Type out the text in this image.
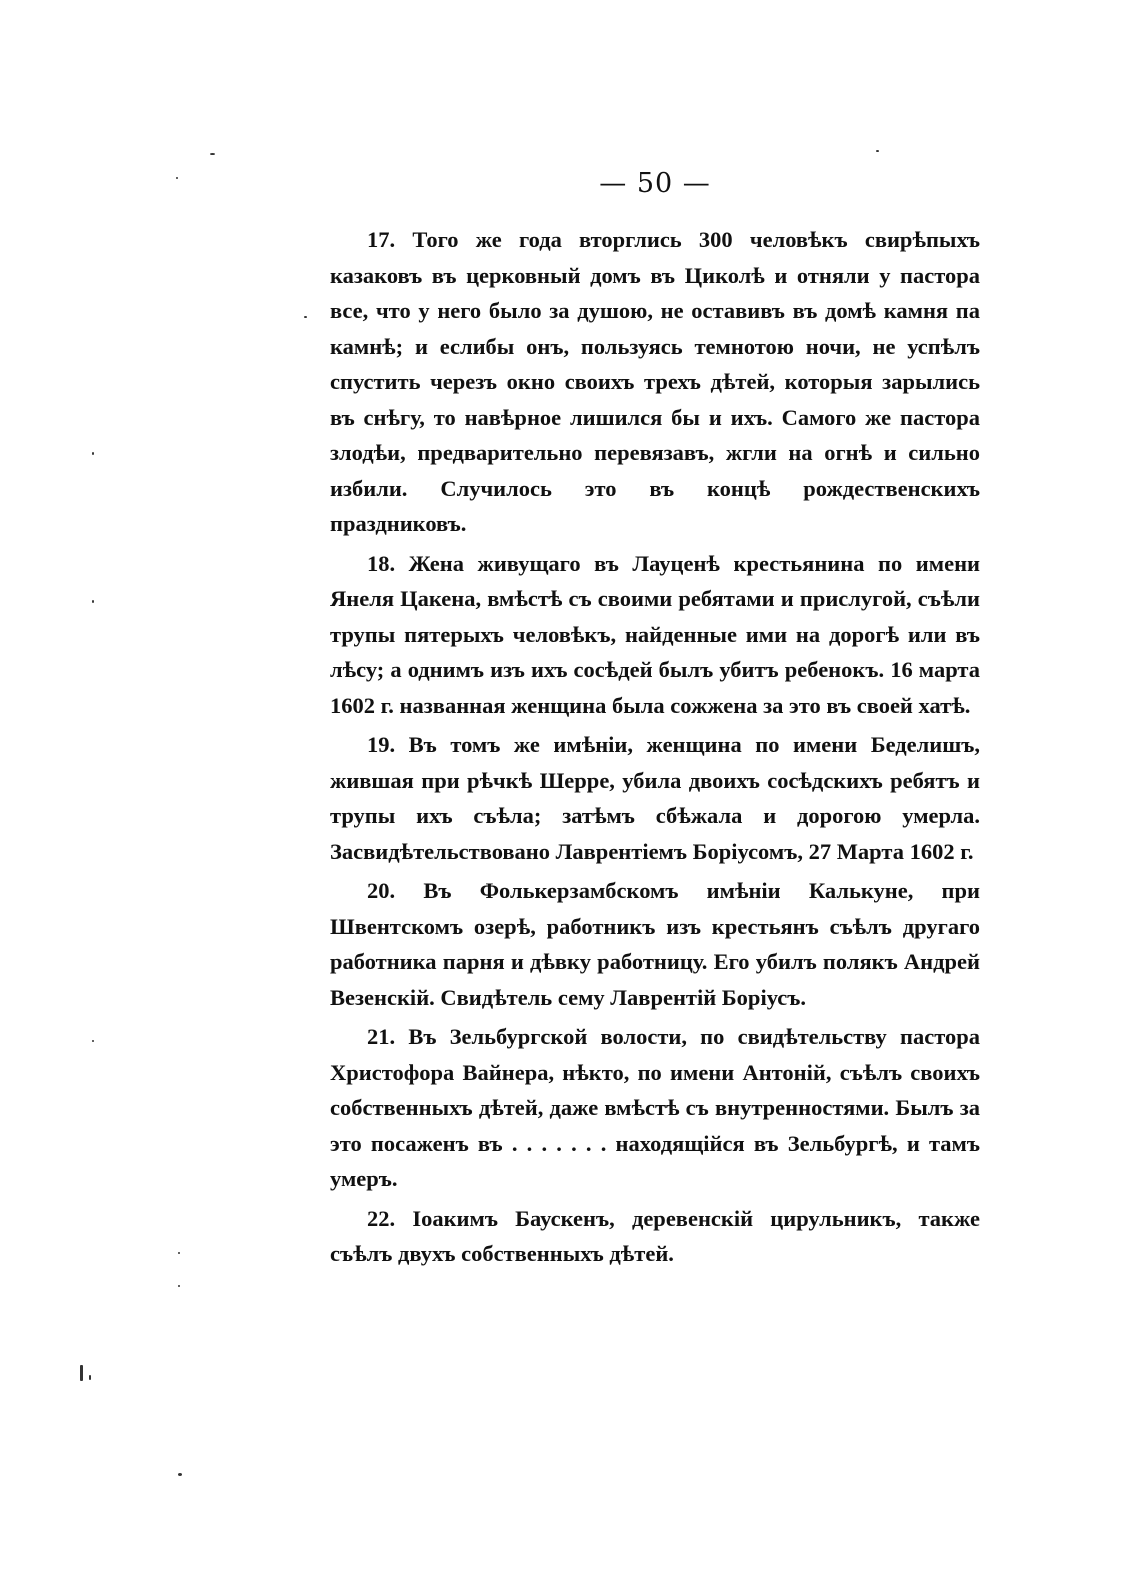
— 50 —

17. Того же года вторглись 300 человѣкъ свирѣпыхъ казаковъ въ церковный домъ въ Циколѣ и отняли у пастора все, что у него было за душою, не оставивъ въ домѣ камня па камнѣ; и еслибы онъ, пользуясь темнотою ночи, не успѣлъ спустить черезъ окно своихъ трехъ дѣтей, которыя зарылись въ снѣгу, то навѣрное лишился бы и ихъ. Самого же пастора злодѣи, предварительно перевязавъ, жгли на огнѣ и сильно избили. Случилось это въ концѣ рождественскихъ праздниковъ.

18. Жена живущаго въ Лауценѣ крестьянина по имени Янеля Цакена, вмѣстѣ съ своими ребятами и прислугой, съѣли трупы пятерыхъ человѣкъ, найденные ими на дорогѣ или въ лѣсу; а однимъ изъ ихъ сосѣдей былъ убитъ ребенокъ. 16 марта 1602 г. названная женщина была сожжена за это въ своей хатѣ.

19. Въ томъ же имѣніи, женщина по имени Беделишъ, жившая при рѣчкѣ Шерре, убила двоихъ сосѣдскихъ ребятъ и трупы ихъ съѣла; затѣмъ сбѣжала и дорогою умерла. Засвидѣтельствовано Лаврентіемъ Боріусомъ, 27 Марта 1602 г.

20. Въ Фолькерзамбскомъ имѣніи Калькуне, при Швентскомъ озерѣ, работникъ изъ крестьянъ съѣлъ другаго работника парня и дѣвку работницу. Его убилъ полякъ Андрей Везенскій. Свидѣтель сему Лаврентій Боріусъ.

21. Въ Зельбургской волости, по свидѣтельству пастора Христофора Вайнера, нѣкто, по имени Антоній, съѣлъ своихъ собственныхъ дѣтей, даже вмѣстѣ съ внутренностями. Былъ за это посаженъ въ . . . . . . . находящійся въ Зельбургѣ, и тамъ умеръ.

22. Іоакимъ Баускенъ, деревенскій цирульникъ, также съѣлъ двухъ собственныхъ дѣтей.
